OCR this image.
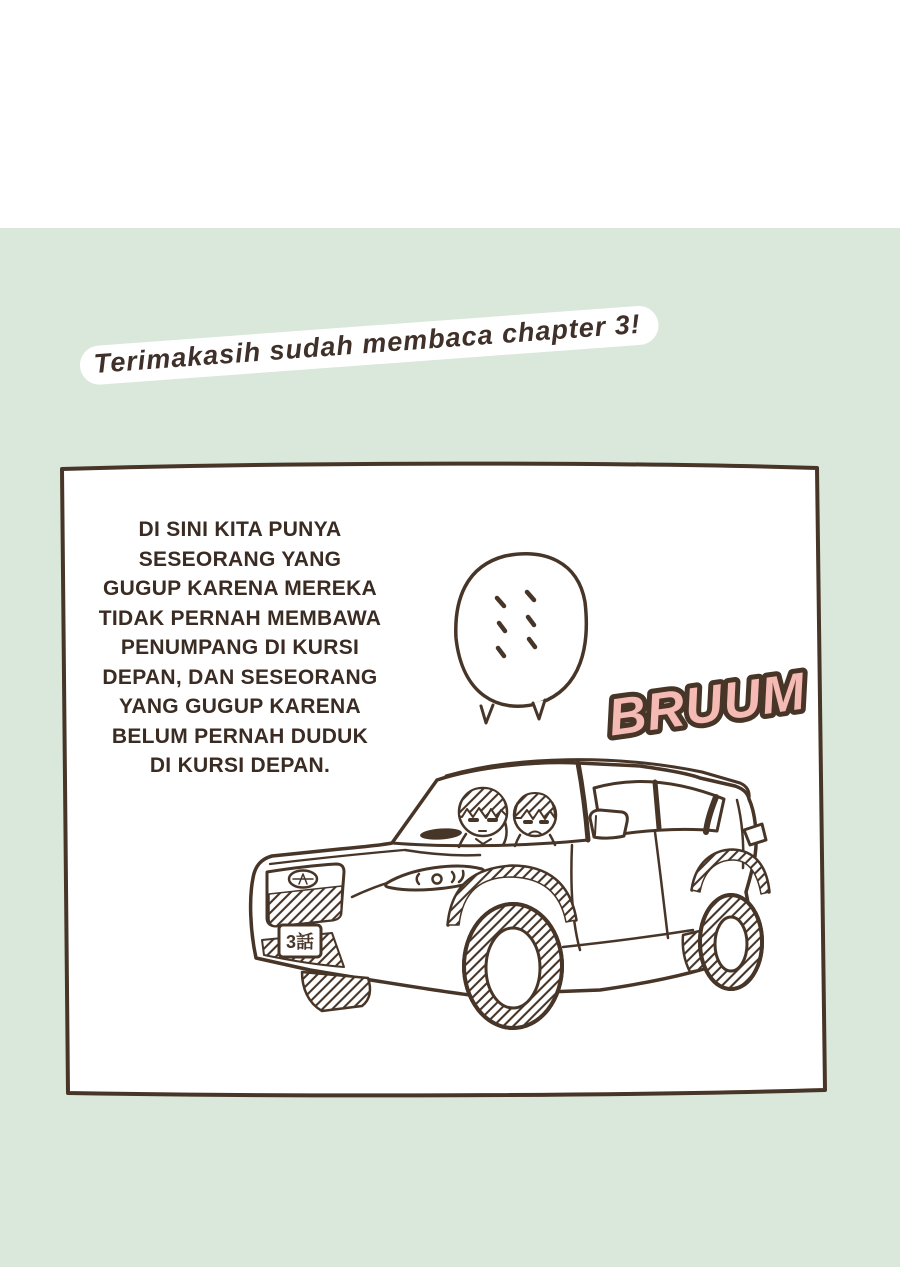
3話
BRUUM
Terimakasih sudah membaca chapter 3!
DI SINI KITA PUNYA
SESEORANG YANG
GUGUP KARENA MEREKA
TIDAK PERNAH MEMBAWA
PENUMPANG DI KURSI
DEPAN, DAN SESEORANG
YANG GUGUP KARENA
BELUM PERNAH DUDUK
DI KURSI DEPAN.
